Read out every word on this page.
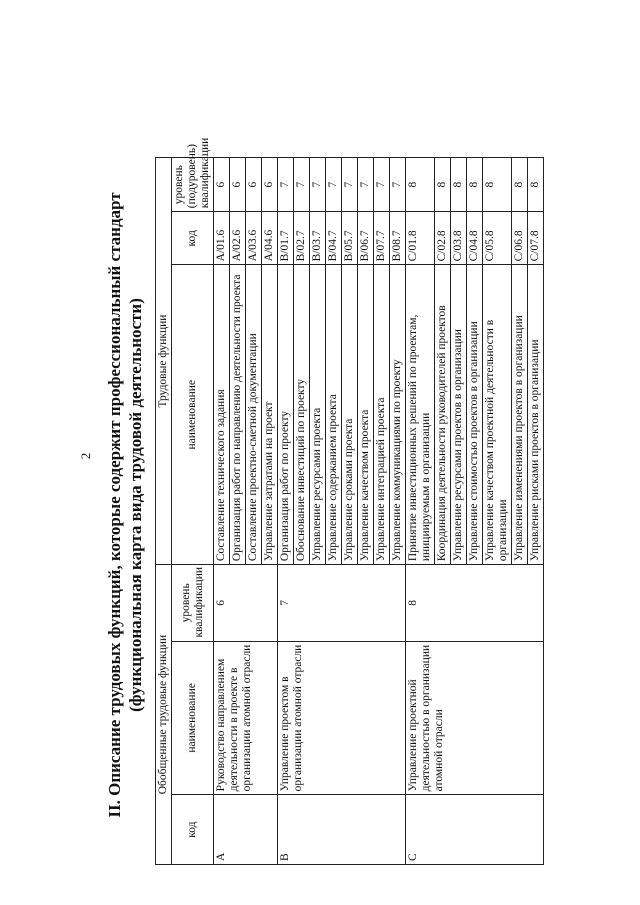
2 II. Описание трудовых функций, которые содержит профессиональный стандарт (функциональная карта вида трудовой деятельности)
Обобщенные трудовые функции			Трудовые функции		
код	наименование	уровень квалификации	наименование	код	уровень (подуровень) квалификации
A	Руководство направлением деятельности в проекте в организации атомной отрасли	6	Составление технического задания	A/01.6	6
			Организация работ по направлению деятельности проекта	A/02.6	6
			Составление проектно-сметной документации	A/03.6	6
			Управление затратами на проект	A/04.6	6
B	Управление проектом в организации атомной отрасли	7	Организация работ по проекту	B/01.7	7
			Обоснование инвестиций по проекту	B/02.7	7
			Управление ресурсами проекта	B/03.7	7
			Управление содержанием проекта	B/04.7	7
			Управление сроками проекта	B/05.7	7
			Управление качеством проекта	B/06.7	7
			Управление интеграцией проекта	B/07.7	7
			Управление коммуникациями по проекту	B/08.7	7
C	Управление проектной деятельностью в организации атомной отрасли	8	Принятие инвестиционных решений по проектам, инициируемым в организации	C/01.8	8
			Координация деятельности руководителей проектов	C/02.8	8
			Управление ресурсами проектов в организации	C/03.8	8
			Управление стоимостью проектов в организации	C/04.8	8
			Управление качеством проектной деятельности в организации	C/05.8	8
			Управление изменениями проектов в организации	C/06.8	8
			Управление рисками проектов в организации	C/07.8	8
